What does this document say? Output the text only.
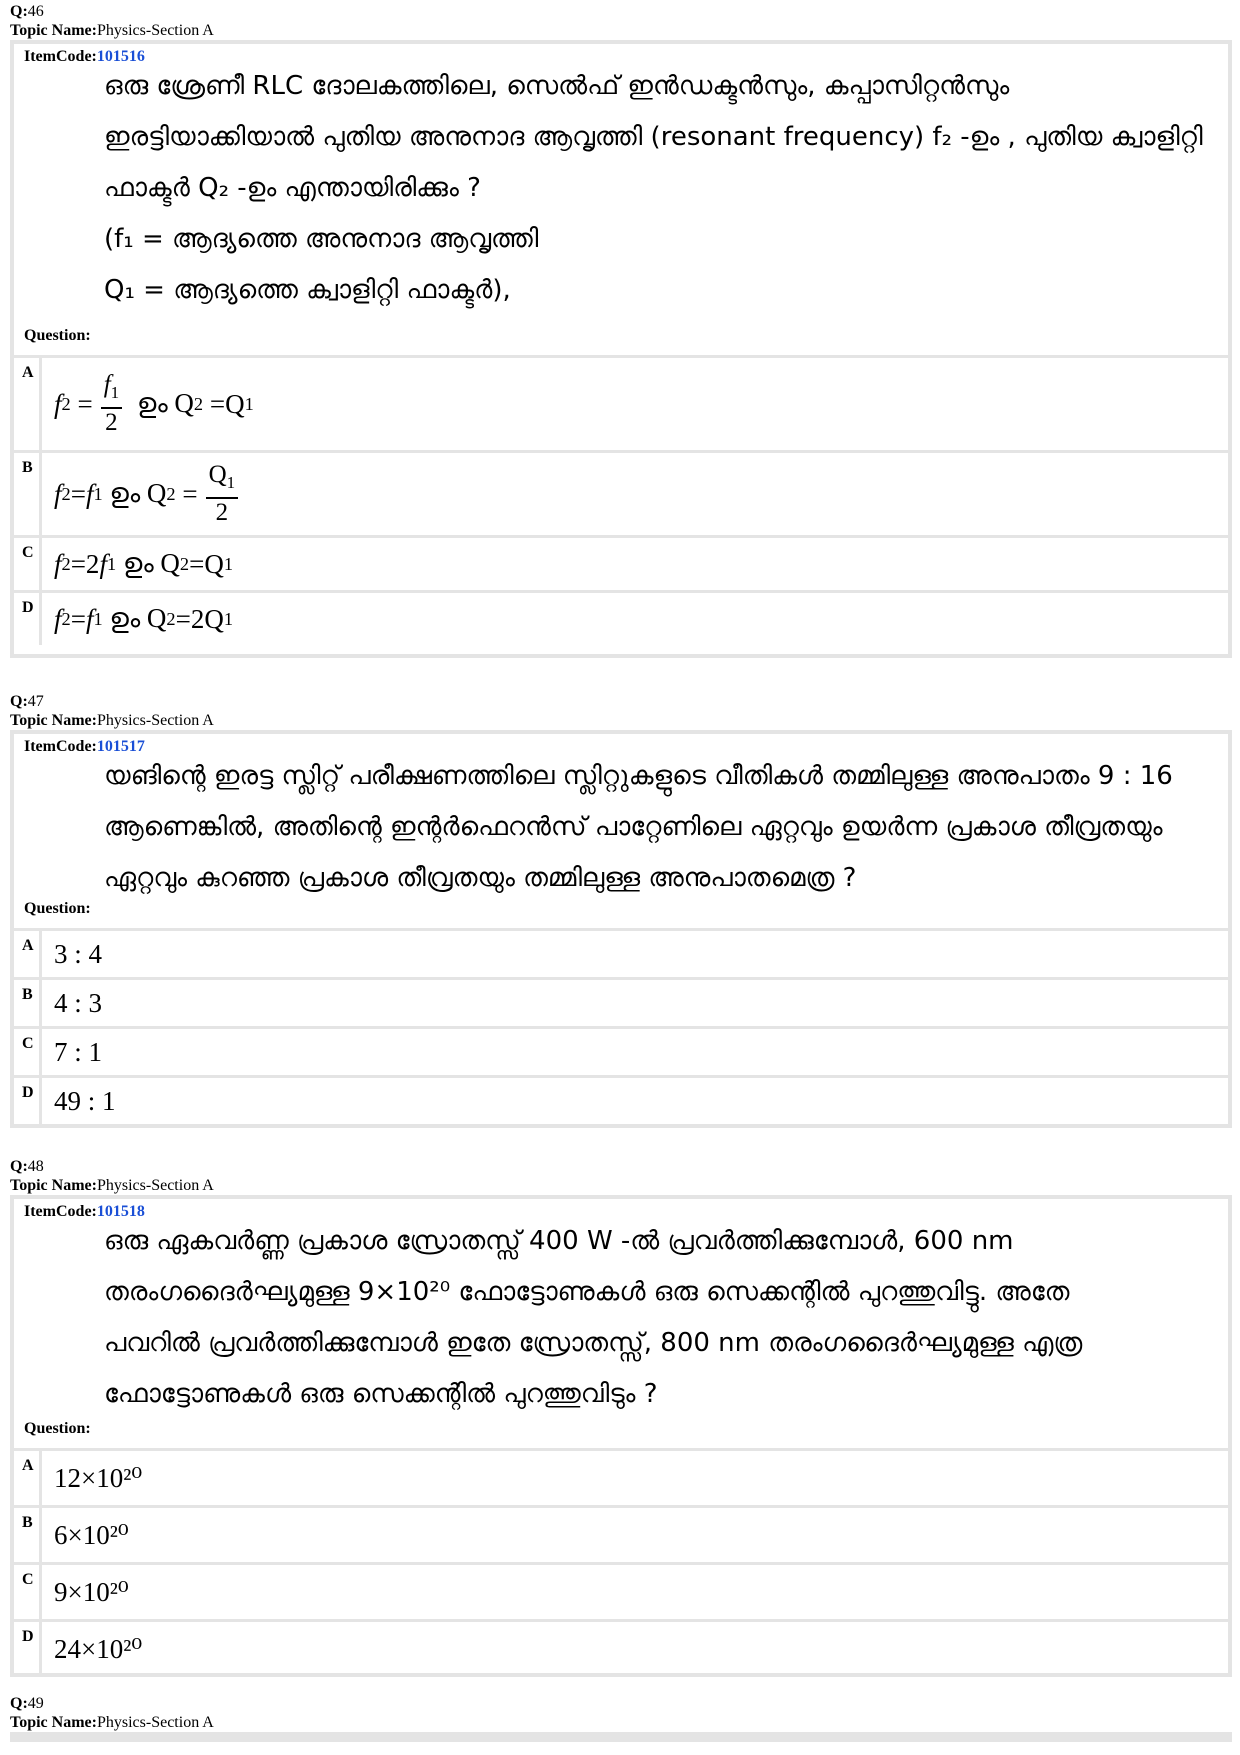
Q:46
Topic Name:Physics-Section A
ItemCode:101516
ഒരു ശ്രേണീ RLC ദോലകത്തിലെ, സെൽഫ് ഇൻഡക്ടൻസും, കപ്പാസിറ്റൻസും
ഇരട്ടിയാക്കിയാൽ പുതിയ അനുനാദ ആവൃത്തി (resonant frequency) f₂ -ഉം , പുതിയ ക്വാളിറ്റി
ഫാക്ടർ Q₂ -ഉം എന്തായിരിക്കും ?
(f₁ = ആദ്യത്തെ അനുനാദ ആവൃത്തി
Q₁ = ആദ്യത്തെ ക്വാളിറ്റി ഫാക്ടർ),
Question:
A
f $2 = \frac{f_1}{2}$ ഉം Q 2 =Q 1
B
f 2 = f 1 ഉം Q $2 = \frac{Q_1}{2}$
C f 2 =2 f 1 ഉം Q 2 =Q 1
D f 2 = f 1 ഉം Q 2 =2Q 1
Q:47
Topic Name:Physics-Section A
ItemCode:101517
യങിന്റെ ഇരട്ട സ്ലിറ്റ് പരീക്ഷണത്തിലെ സ്ലിറ്റുകളുടെ വീതികൾ തമ്മിലുള്ള അനുപാതം 9 : 16
ആണെങ്കിൽ, അതിന്റെ ഇന്റർഫെറൻസ് പാറ്റേണിലെ ഏറ്റവും ഉയർന്ന പ്രകാശ തീവ്രതയും
ഏറ്റവും കുറഞ്ഞ പ്രകാശ തീവ്രതയും തമ്മിലുള്ള അനുപാതമെത്ര ?
Question:
A 3 : 4
B 4 : 3
C 7 : 1
D 49 : 1
Q:48
Topic Name:Physics-Section A
ItemCode:101518
ഒരു ഏകവർണ്ണ പ്രകാശ സ്രോതസ്സ് 400 W -ൽ പ്രവർത്തിക്കുമ്പോൾ, 600 nm
തരംഗദൈർഘ്യമുള്ള 9×10²⁰ ഫോട്ടോണുകൾ ഒരു സെക്കന്റിൽ പുറത്തുവിട്ടു. അതേ
പവറിൽ പ്രവർത്തിക്കുമ്പോൾ ഇതേ സ്രോതസ്സ്, 800 nm തരംഗദൈർഘ്യമുള്ള എത്ര
ഫോട്ടോണുകൾ ഒരു സെക്കന്റിൽ പുറത്തുവിടും ?
Question:
A 12×10²⁰
B 6×10²⁰
C 9×10²⁰
D 24×10²⁰
Q:49
Topic Name:Physics-Section A
